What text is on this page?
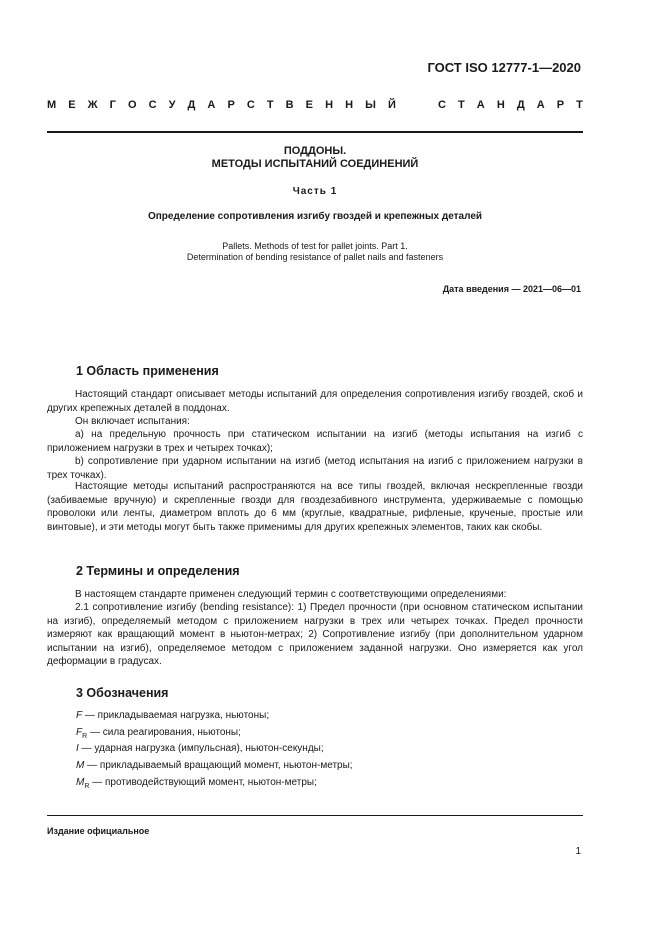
ГОСТ ISO 12777-1—2020
М Е Ж Г О С У Д А Р С Т В Е Н Н Ы Й	С Т А Н Д А Р Т
ПОДДОНЫ.
МЕТОДЫ ИСПЫТАНИЙ СОЕДИНЕНИЙ
Часть 1
Определение сопротивления изгибу гвоздей и крепежных деталей
Pallets. Methods of test for pallet joints. Part 1.
Determination of bending resistance of pallet nails and fasteners
Дата введения — 2021—06—01
1 Область применения

Настоящий стандарт описывает методы испытаний для определения сопротивления изгибу гвоздей, скоб и других крепежных деталей в поддонах.

Он включает испытания:

a) на предельную прочность при статическом испытании на изгиб (методы испытания на изгиб с приложением нагрузки в трех и четырех точках);

b) сопротивление при ударном испытании на изгиб (метод испытания на изгиб с приложением нагрузки в трех точках).

Настоящие методы испытаний распространяются на все типы гвоздей, включая нескрепленные гвозди (забиваемые вручную) и скрепленные гвозди для гвоздезабивного инструмента, удерживаемые с помощью проволоки или ленты, диаметром вплоть до 6 мм (круглые, квадратные, рифленые, крученые, простые или винтовые), и эти методы могут быть также применимы для других крепежных элементов, таких как скобы.

2 Термины и определения

В настоящем стандарте применен следующий термин с соответствующими определениями:

2.1 сопротивление изгибу (bending resistance): 1) Предел прочности (при основном статическом испытании на изгиб), определяемый методом с приложением нагрузки в трех или четырех точках. Предел прочности измеряют как вращающий момент в ньютон-метрах; 2) Сопротивление изгибу (при дополнительном ударном испытании на изгиб), определяемое методом с приложением заданной нагрузки. Оно измеряется как угол деформации в градусах.

3 Обозначения
F — прикладываемая нагрузка, ньютоны;
$F_R$ — сила реагирования, ньютоны;
I — ударная нагрузка (импульсная), ньютон-секунды;
M — прикладываемый вращающий момент, ньютон-метры;
$M_R$ — противодействующий момент, ньютон-метры;
Издание официальное
1
